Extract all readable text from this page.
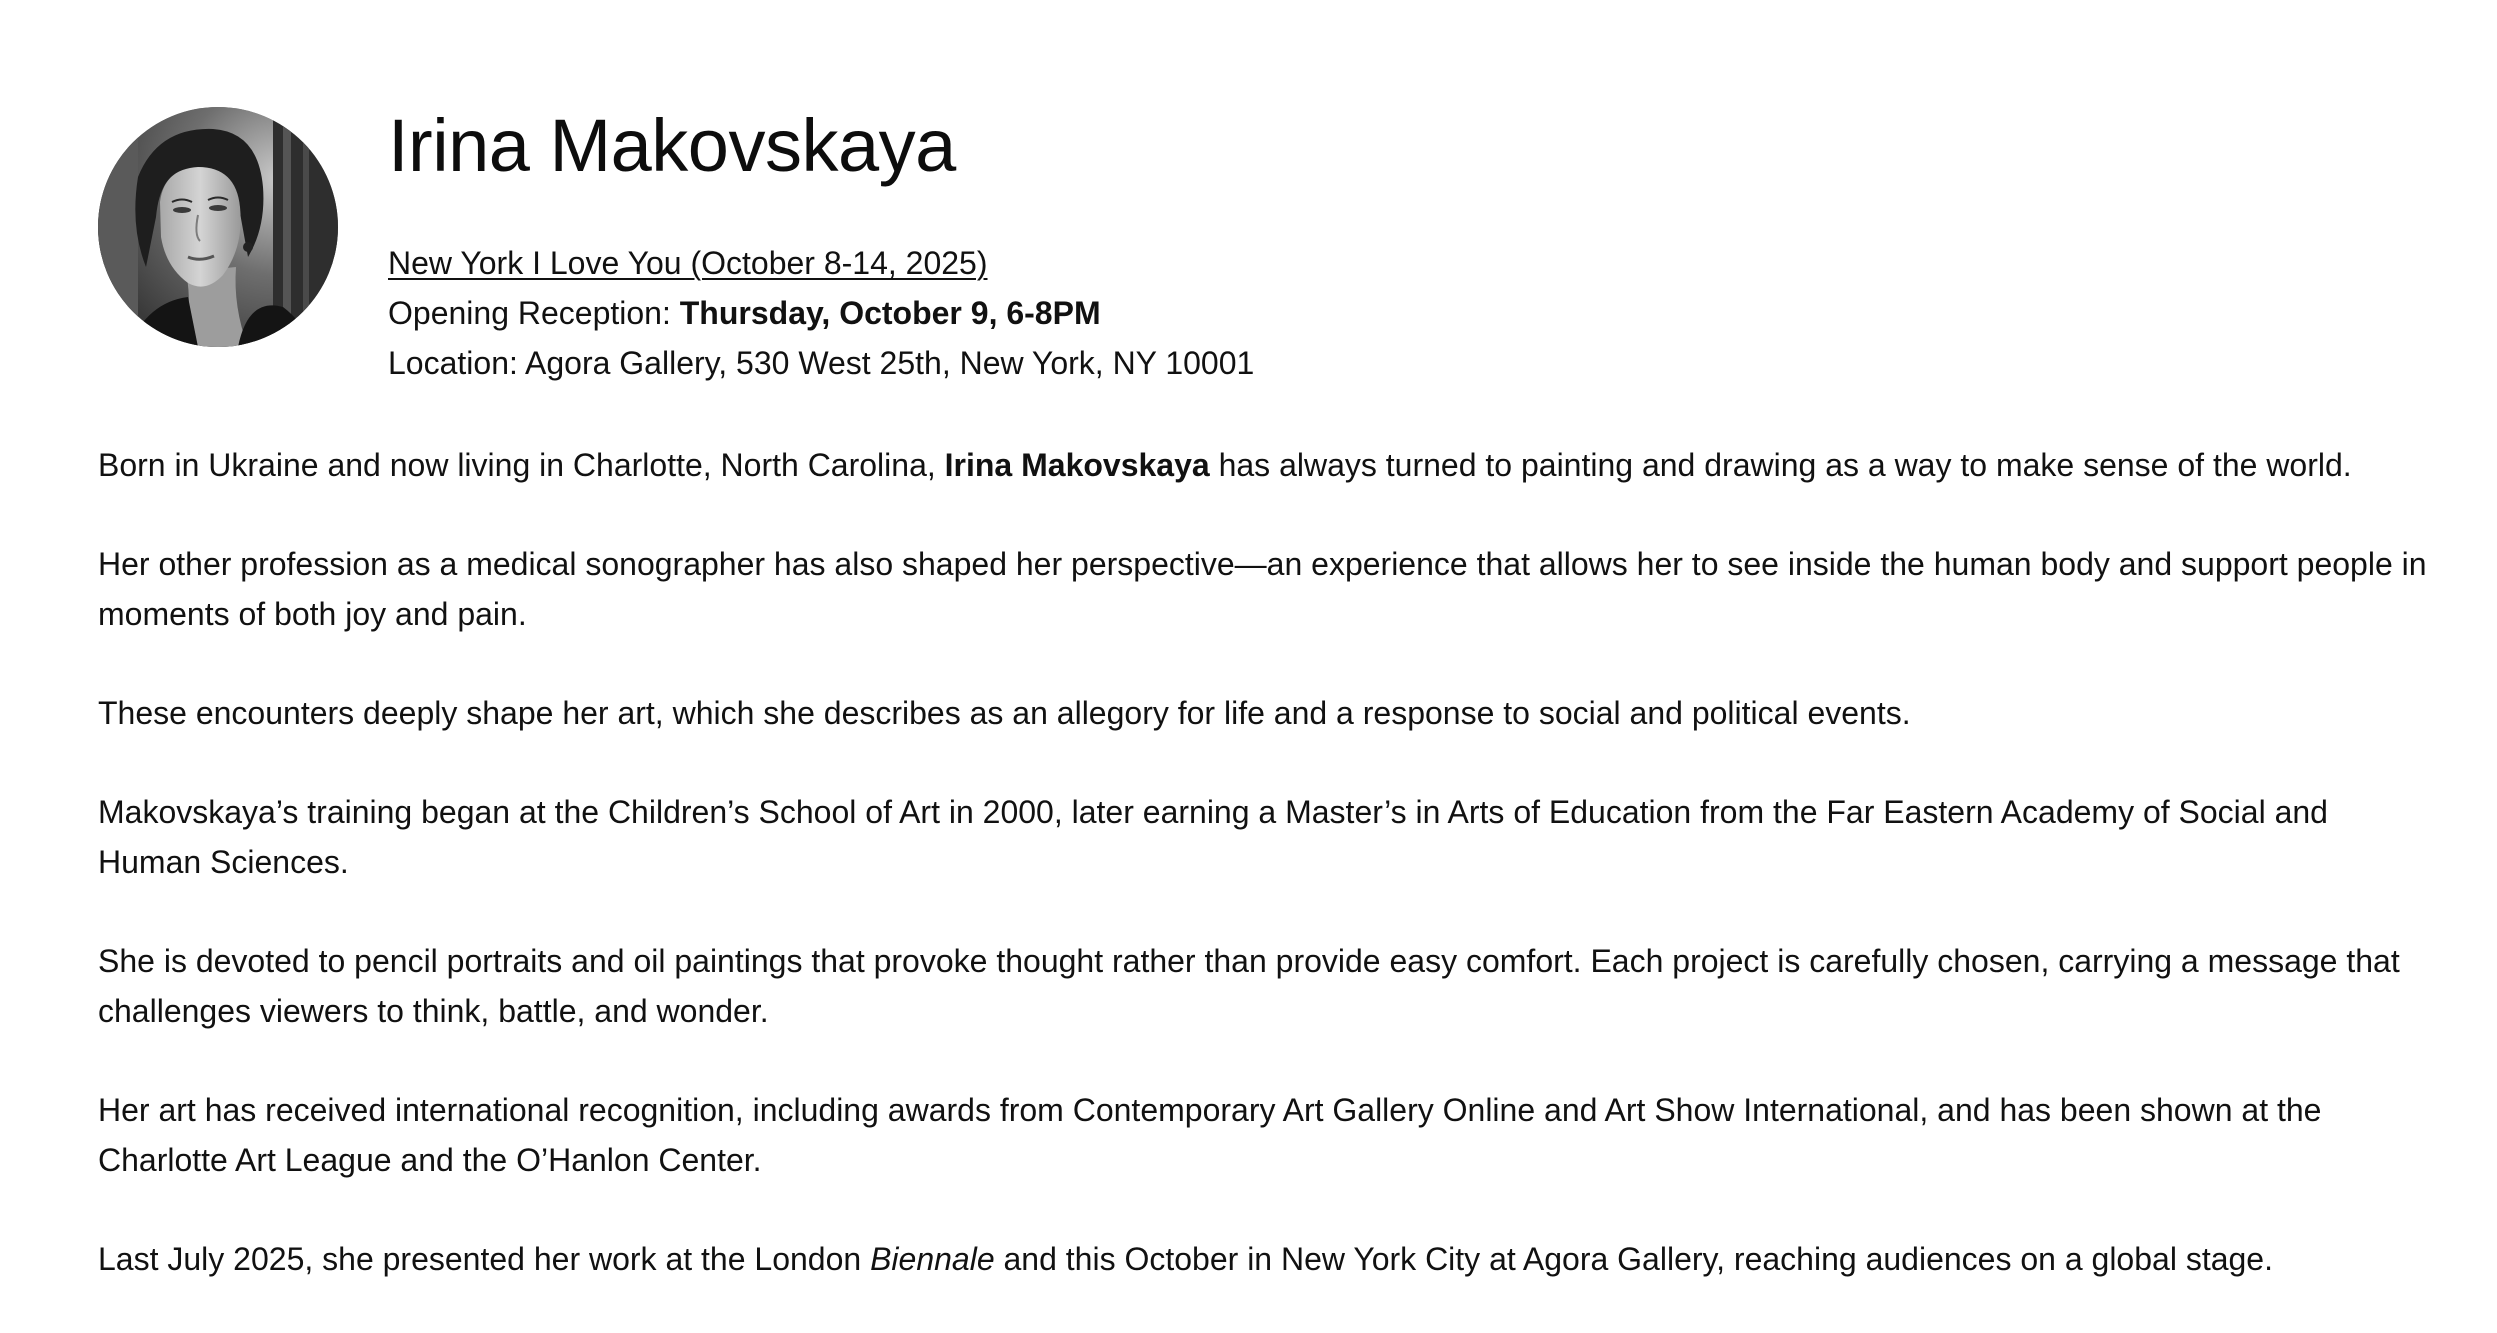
Irina Makovskaya
New York I Love You (October 8-14, 2025)
Opening Reception: Thursday, October 9, 6-8PM
Location: Agora Gallery, 530 West 25th, New York, NY 10001

Born in Ukraine and now living in Charlotte, North Carolina, Irina Makovskaya has always turned to painting and drawing as a way to make sense of the world.

Her other profession as a medical sonographer has also shaped her perspective—an experience that allows her to see inside the human body and support people in moments of both joy and pain.

These encounters deeply shape her art, which she describes as an allegory for life and a response to social and political events.

Makovskaya’s training began at the Children’s School of Art in 2000, later earning a Master’s in Arts of Education from the Far Eastern Academy of Social and Human Sciences.

She is devoted to pencil portraits and oil paintings that provoke thought rather than provide easy comfort. Each project is carefully chosen, carrying a message that challenges viewers to think, battle, and wonder.

Her art has received international recognition, including awards from Contemporary Art Gallery Online and Art Show International, and has been shown at the Charlotte Art League and the O’Hanlon Center.

Last July 2025, she presented her work at the London Biennale and this October in New York City at Agora Gallery, reaching audiences on a global stage.
